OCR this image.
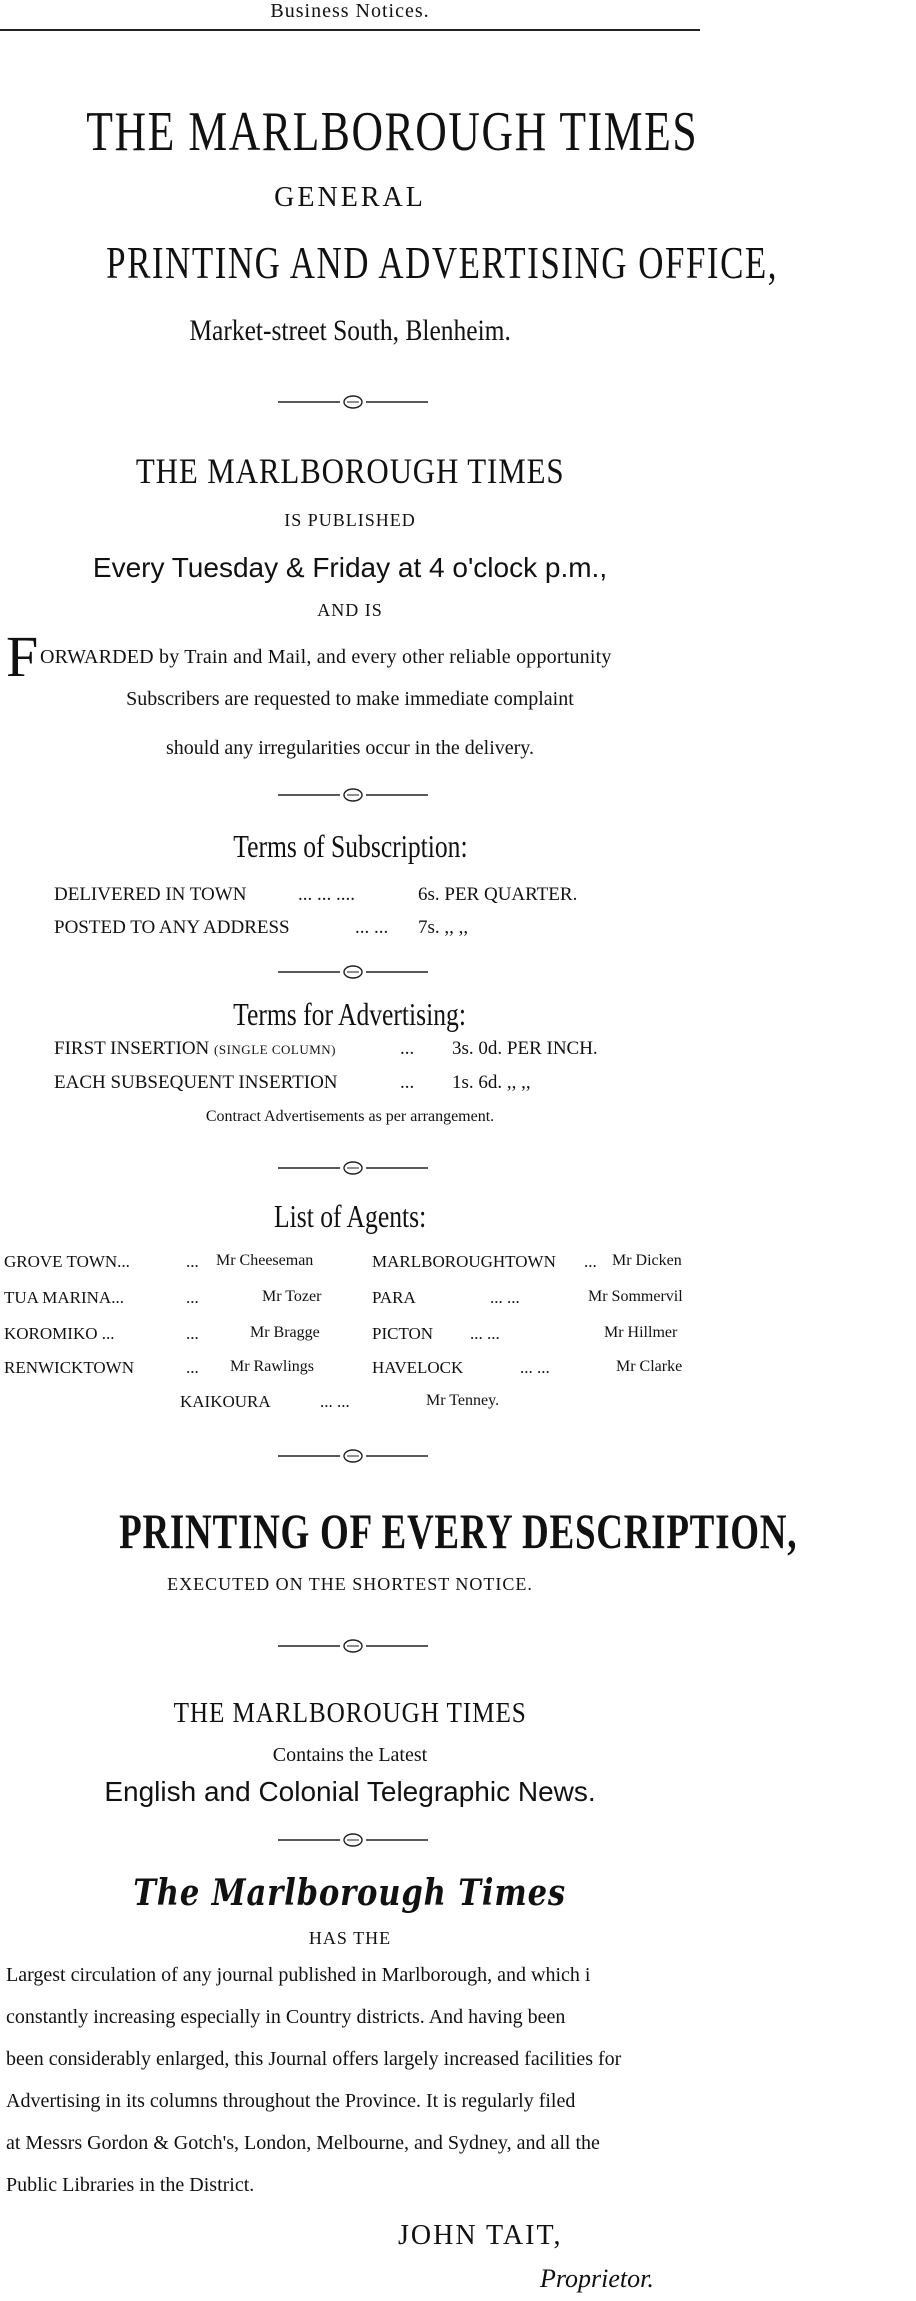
Business Notices.
THE MARLBOROUGH TIMES
GENERAL
PRINTING AND ADVERTISING OFFICE,
Market-street South, Blenheim.
THE MARLBOROUGH TIMES
IS PUBLISHED
Every Tuesday & Friday at 4 o'clock p.m.,
AND IS
F ORWARDED by Train and Mail, and every other reliable opportunity
Subscribers are requested to make immediate complaint
should any irregularities occur in the delivery.
Terms of Subscription:
DELIVERED IN TOWN	... ... ....	6s. PER QUARTER.
POSTED TO ANY ADDRESS	... ... 7s. ,, ,,
Terms for Advertising:
FIRST INSERTION (SINGLE COLUMN)	... 3s. 0d. PER INCH.
EACH SUBSEQUENT INSERTION	... 1s. 6d. ,, ,,
Contract Advertisements as per arrangement.
List of Agents:
GROVE TOWN...	... Mr Cheeseman
TUA MARINA...	...	Mr Tozer
KOROMIKO ...	...	Mr Bragge
RENWICKTOWN	... Mr Rawlings
MARLBOROUGHTOWN ... Mr Dicken
PARA	... ...	Mr Sommervil
PICTON ... ...	Mr Hillmer
HAVELOCK	... ...	Mr Clarke
KAIKOURA	... ...	Mr Tenney.
PRINTING OF EVERY DESCRIPTION,
EXECUTED ON THE SHORTEST NOTICE.
THE MARLBOROUGH TIMES
Contains the Latest
English and Colonial Telegraphic News.
The Marlborough Times
HAS THE
Largest circulation of any journal published in Marlborough, and which i
constantly increasing especially in Country districts. And having been
been considerably enlarged, this Journal offers largely increased facilities for
Advertising in its columns throughout the Province. It is regularly filed
at Messrs Gordon & Gotch's, London, Melbourne, and Sydney, and all the
Public Libraries in the District.
JOHN TAIT,
Proprietor.
